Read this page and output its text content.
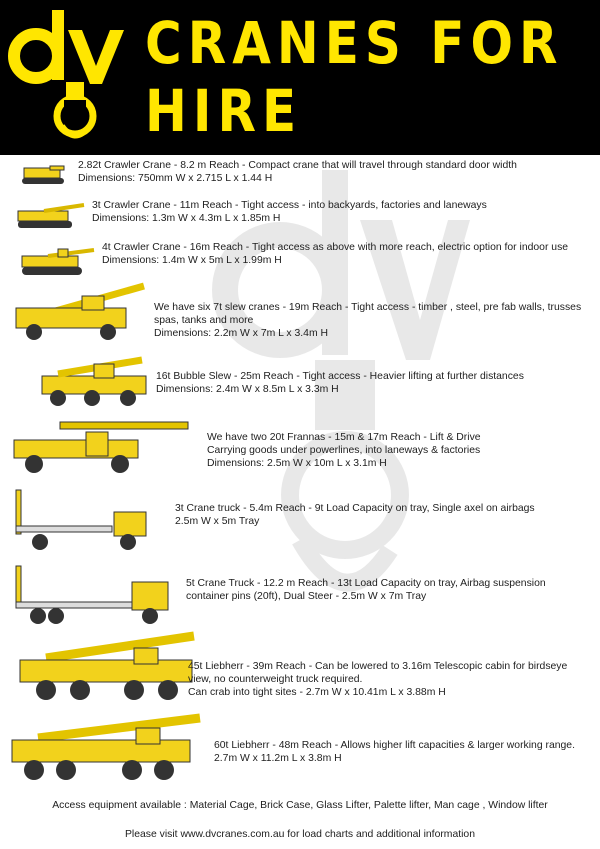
CRANES FOR
HIRE
2.82t Crawler Crane - 8.2 m Reach - Compact crane that will travel through standard door width
Dimensions: 750mm W x 2.715 L x 1.44 H
3t Crawler Crane - 11m Reach - Tight access - into backyards, factories and laneways
Dimensions: 1.3m W x 4.3m L x 1.85m H
4t Crawler Crane - 16m Reach - Tight access as above with more reach, electric option for indoor use
Dimensions: 1.4m W x 5m L x 1.99m H
We have six 7t slew cranes - 19m Reach - Tight access - timber , steel, pre fab walls, trusses
spas, tanks and more
Dimensions: 2.2m W x 7m L x 3.4m H
16t Bubble Slew - 25m Reach - Tight access - Heavier lifting at further distances
Dimensions: 2.4m W x 8.5m L x 3.3m H
We have two 20t Frannas - 15m & 17m Reach - Lift & Drive
Carrying goods under powerlines, into laneways & factories
Dimensions: 2.5m W x 10m L x 3.1m H
3t Crane truck - 5.4m Reach - 9t Load Capacity on tray, Single axel on airbags
2.5m W x 5m Tray
5t Crane Truck - 12.2 m Reach - 13t Load Capacity on tray, Airbag suspension
container pins (20ft), Dual Steer - 2.5m W x 7m Tray
45t Liebherr - 39m Reach - Can be lowered to 3.16m Telescopic cabin for birdseye
view, no counterweight truck required.
Can crab into tight sites - 2.7m W x 10.41m L x 3.88m H
60t Liebherr - 48m Reach - Allows higher lift capacities & larger working range.
2.7m W x 11.2m L x 3.8m H
Access equipment available : Material Cage, Brick Case, Glass Lifter, Palette lifter, Man cage , Window lifter
Please visit www.dvcranes.com.au for load charts and additional information
